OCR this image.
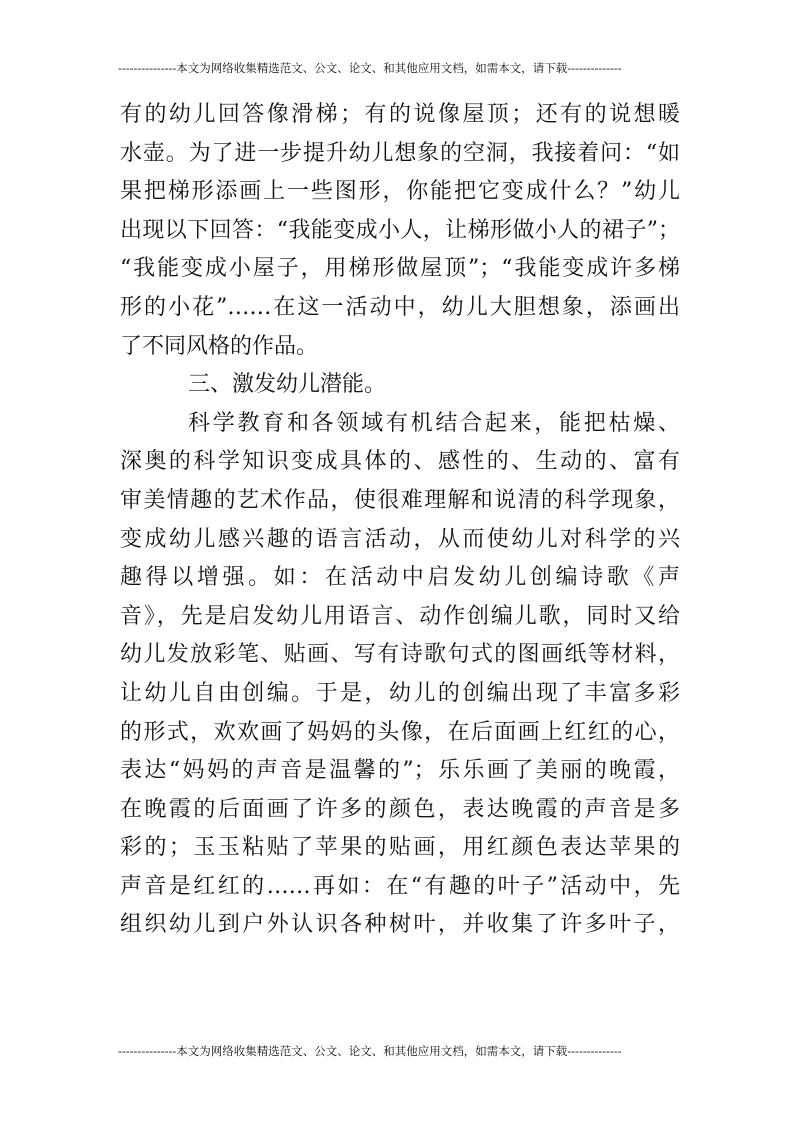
---------------本文为网络收集精选范文、公文、论文、和其他应用文档，如需本文，请下载--------------
有的幼儿回答像滑梯；有的说像屋顶；还有的说想暖
水壶。为了进一步提升幼儿想象的空洞，我接着问：“如
果把梯形添画上一些图形，你能把它变成什么？”幼儿
出现以下回答：“我能变成小人，让梯形做小人的裙子”；
“我能变成小屋子，用梯形做屋顶”；“我能变成许多梯
形的小花”……在这一活动中，幼儿大胆想象，添画出
了不同风格的作品。
三、激发幼儿潜能。
科学教育和各领域有机结合起来，能把枯燥、
深奥的科学知识变成具体的、感性的、生动的、富有
审美情趣的艺术作品，使很难理解和说清的科学现象，
变成幼儿感兴趣的语言活动，从而使幼儿对科学的兴
趣得以增强。如：在活动中启发幼儿创编诗歌《声
音》，先是启发幼儿用语言、动作创编儿歌，同时又给
幼儿发放彩笔、贴画、写有诗歌句式的图画纸等材料，
让幼儿自由创编。于是，幼儿的创编出现了丰富多彩
的形式，欢欢画了妈妈的头像，在后面画上红红的心，
表达“妈妈的声音是温馨的”；乐乐画了美丽的晚霞，
在晚霞的后面画了许多的颜色，表达晚霞的声音是多
彩的；玉玉粘贴了苹果的贴画，用红颜色表达苹果的
声音是红红的……再如：在“有趣的叶子”活动中，先
组织幼儿到户外认识各种树叶，并收集了许多叶子，
---------------本文为网络收集精选范文、公文、论文、和其他应用文档，如需本文，请下载--------------
